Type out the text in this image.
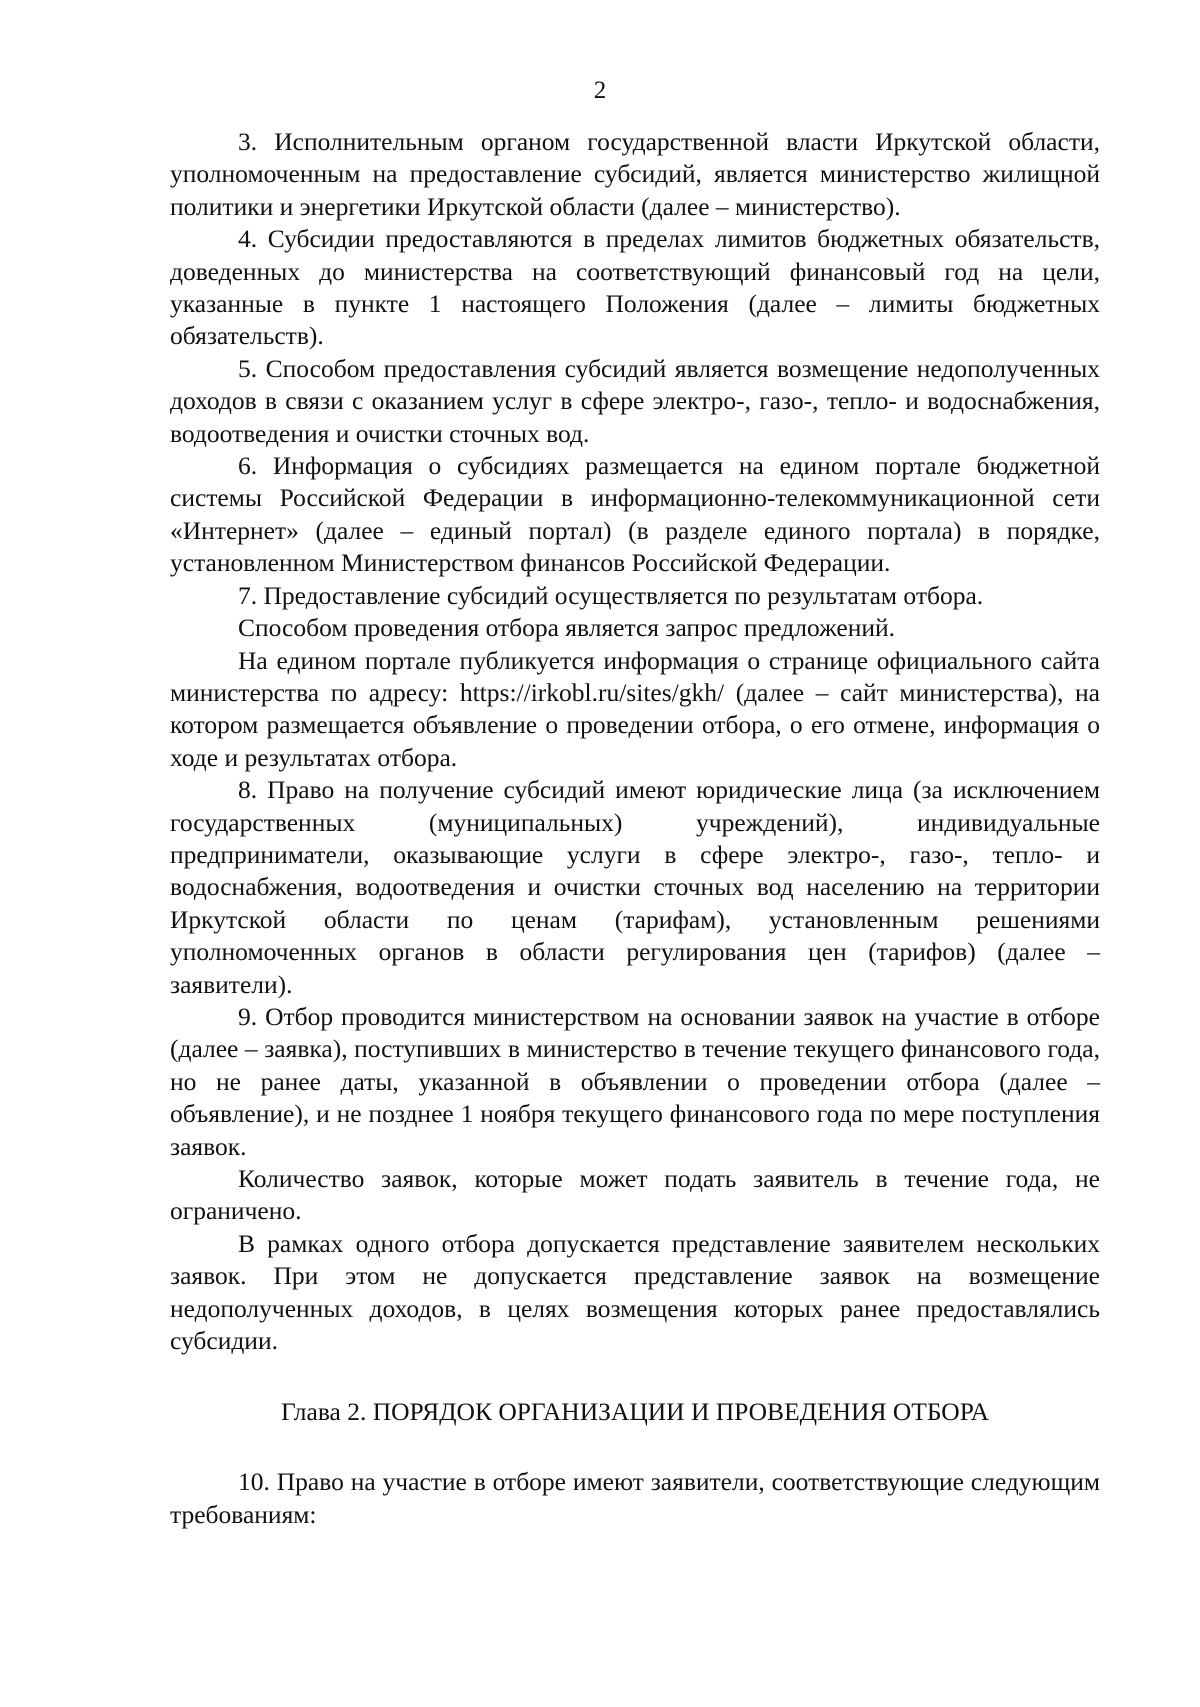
2

3. Исполнительным органом государственной власти Иркутской области, уполномоченным на предоставление субсидий, является министерство жилищной политики и энергетики Иркутской области (далее – министерство).

4. Субсидии предоставляются в пределах лимитов бюджетных обязательств, доведенных до министерства на соответствующий финансовый год на цели, указанные в пункте 1 настоящего Положения (далее – лимиты бюджетных обязательств).

5. Способом предоставления субсидий является возмещение недополученных доходов в связи с оказанием услуг в сфере электро-, газо-, тепло- и водоснабжения, водоотведения и очистки сточных вод.

6. Информация о субсидиях размещается на едином портале бюджетной системы Российской Федерации в информационно-телекоммуникационной сети «Интернет» (далее – единый портал) (в разделе единого портала) в порядке, установленном Министерством финансов Российской Федерации.

7. Предоставление субсидий осуществляется по результатам отбора.

Способом проведения отбора является запрос предложений.

На едином портале публикуется информация о странице официального сайта министерства по адресу: https://irkobl.ru/sites/gkh/ (далее – сайт министерства), на котором размещается объявление о проведении отбора, о его отмене, информация о ходе и результатах отбора.

8. Право на получение субсидий имеют юридические лица (за исключением государственных (муниципальных) учреждений), индивидуальные предприниматели, оказывающие услуги в сфере электро-, газо-, тепло- и водоснабжения, водоотведения и очистки сточных вод населению на территории Иркутской области по ценам (тарифам), установленным решениями уполномоченных органов в области регулирования цен (тарифов) (далее – заявители).

9. Отбор проводится министерством на основании заявок на участие в отборе (далее – заявка), поступивших в министерство в течение текущего финансового года, но не ранее даты, указанной в объявлении о проведении отбора (далее – объявление), и не позднее 1 ноября текущего финансового года по мере поступления заявок.

Количество заявок, которые может подать заявитель в течение года, не ограничено.

В рамках одного отбора допускается представление заявителем нескольких заявок. При этом не допускается представление заявок на возмещение недополученных доходов, в целях возмещения которых ранее предоставлялись субсидии.

Глава 2. ПОРЯДОК ОРГАНИЗАЦИИ И ПРОВЕДЕНИЯ ОТБОРА

10. Право на участие в отборе имеют заявители, соответствующие следующим требованиям:
